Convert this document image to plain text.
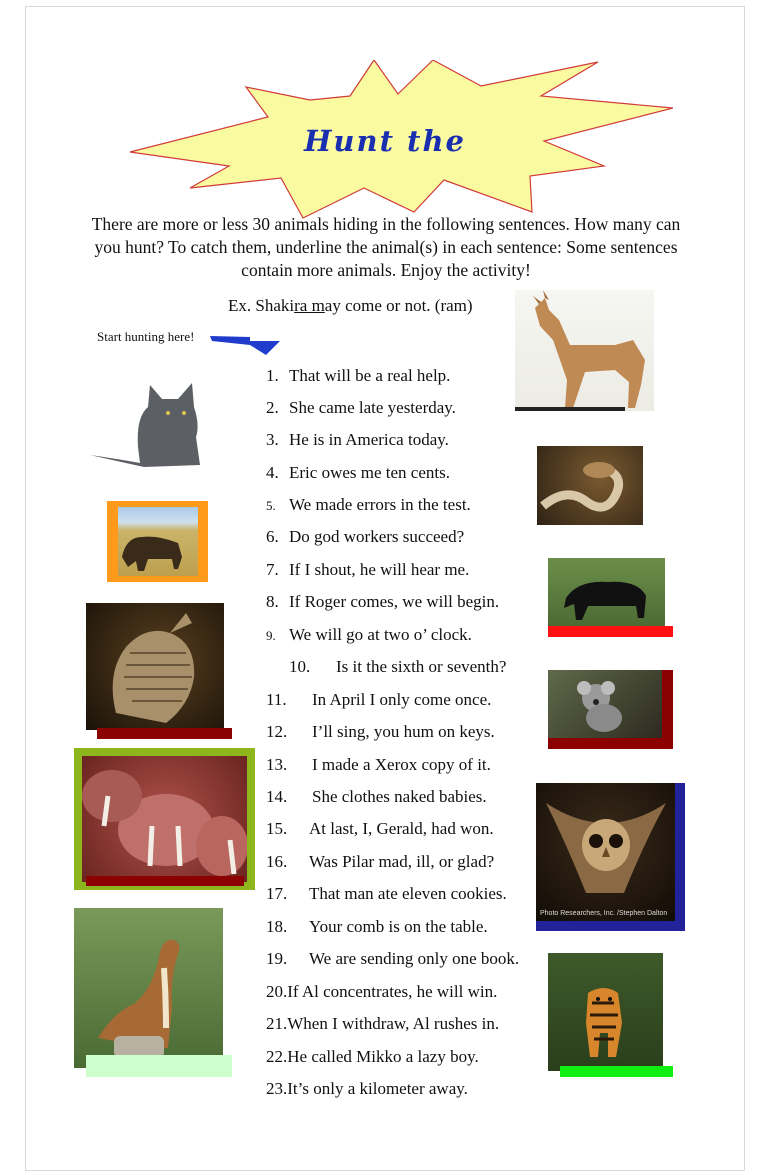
Hunt the
There are more or less 30 animals hiding in the following sentences. How many can you hunt? To catch them, underline the animal(s) in each sentence: Some sentences contain more animals. Enjoy the activity!
Ex. Shakira may come or not. (ram)
Start hunting here!
1. That will be a real help.
2. She came late yesterday.
3. He is in America today.
4. Eric owes me ten cents.
5. We made errors in the test.
6. Do god workers succeed?
7. If I shout, he will hear me.
8. If Roger comes, we will begin.
9. We will go at two o’ clock.
10. Is it the sixth or seventh?
11. In April I only come once.
12. I’ll sing, you hum on keys.
13. I made a Xerox copy of it.
14. She clothes naked babies.
15. At last, I, Gerald, had won.
16. Was Pilar mad, ill, or glad?
17. That man ate eleven cookies.
18. Your comb is on the table.
19. We are sending only one book.
20.If Al concentrates, he will win.
21.When I withdraw, Al rushes in.
22.He called Mikko a lazy boy.
23.It’s only a kilometer away.
Photo Researchers, Inc. /Stephen Dalton
